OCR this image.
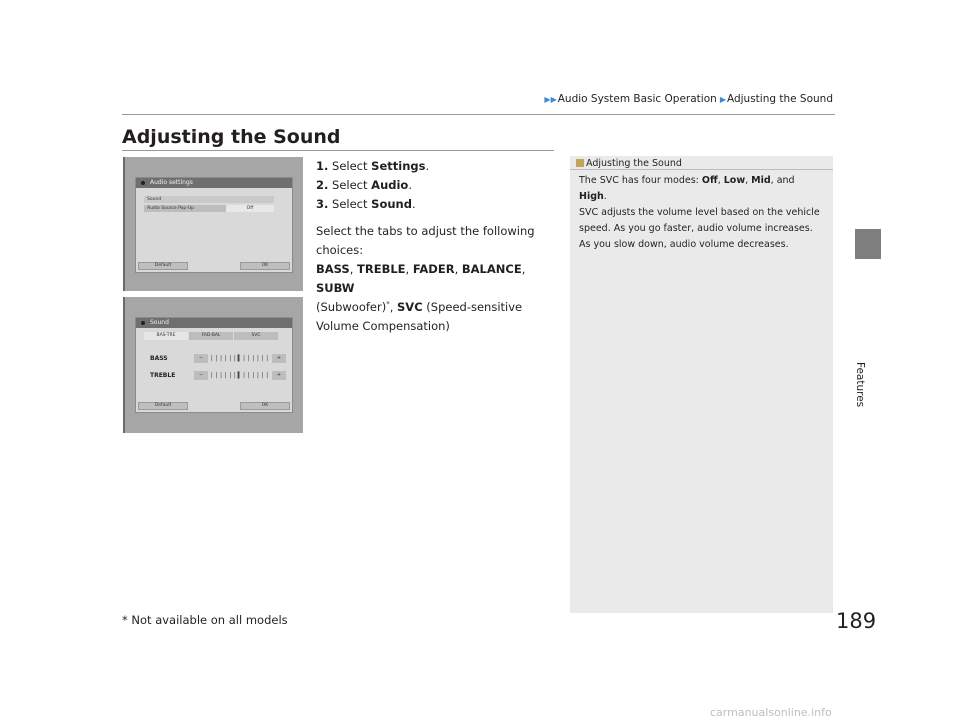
▶▶ Audio System Basic Operation ▶ Adjusting the Sound
Adjusting the Sound
Features
Audio settings
Sound
Audio Source Pop-Up	Off
Default	OK
Sound
BAS-TRE	FAD-BAL	SVC
BASS	−	||||||▌||||||	+
TREBLE	−	||||||▌||||||	+
Default	OK
1. Select Settings.
2. Select Audio.
3. Select Sound.
Select the tabs to adjust the following choices:
BASS, TREBLE, FADER, BALANCE, SUBW
(Subwoofer)*, SVC (Speed-sensitive Volume Compensation)
Adjusting the Sound
The SVC has four modes: Off, Low, Mid, and High.
SVC adjusts the volume level based on the vehicle speed. As you go faster, audio volume increases. As you slow down, audio volume decreases.
* Not available on all models	189
carmanualsonline.info
